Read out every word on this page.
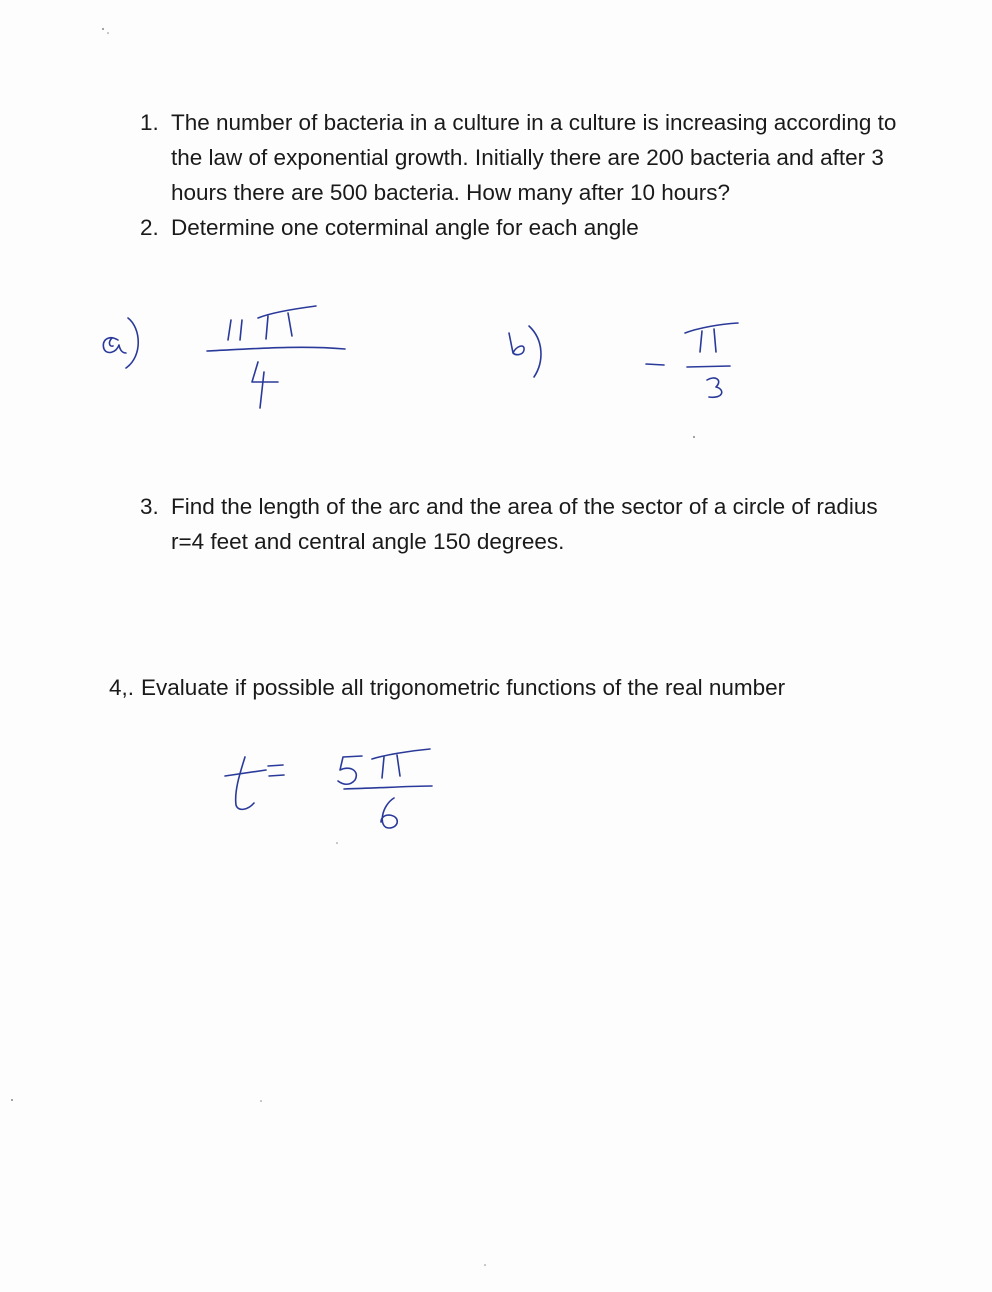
1. The number of bacteria in a culture in a culture is increasing according to the law of exponential growth. Initially there are 200 bacteria and after 3 hours there are 500 bacteria. How many after 10 hours?
2. Determine one coterminal angle for each angle
3. Find the length of the arc and the area of the sector of a circle of radius r=4 feet and central angle 150 degrees.
4,. Evaluate if possible all trigonometric functions of the real number
